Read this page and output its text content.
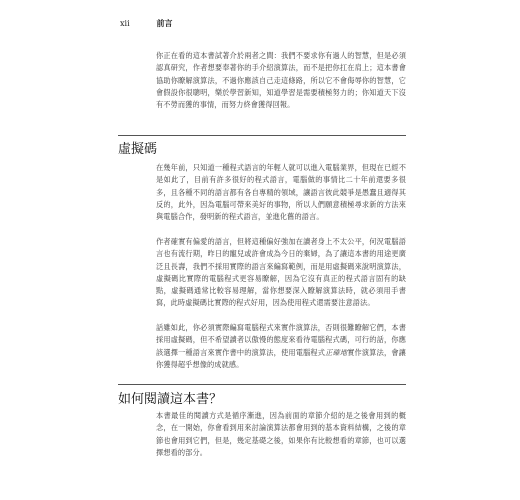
xii	前言

你正在看的這本書試著介於兩者之間：我們不要求你有過人的智慧，但是必須認真研究，作者想要奉著你的手介紹演算法，而不是把你扛在肩上；這本書會協助你瞭解演算法，不過你應該自己走這條路，所以它不會侮辱你的智慧，它會假設你很聰明，樂於學習新知，知道學習是需要積極努力的；你知道天下沒有不勞而獲的事情，而努力終會獲得回報。

虛擬碼

在幾年前，只知道一種程式語言的年輕人就可以進入電腦業界，但現在已經不是如此了，目前有許多很好的程式語言，電腦做的事情比二十年前還要多很多，且各種不同的語言都有各自專精的領域，讓語言彼此競爭是愚蠢且適得其反的，此外，因為電腦可帶來美好的事物，所以人們願意積極尋求新的方法來與電腦合作，發明新的程式語言，並進化舊的語言。

作者確實有偏愛的語言，但將這種偏好強加在讀者身上不太公平，何況電腦語言也有流行期，昨日的寵兒或許會成為今日的棄婦，為了讓這本書的用途更廣泛且長壽，我們不採用實際的語言來編寫範例，而是用虛擬碼來說明演算法，虛擬碼比實際的電腦程式更容易瞭解，因為它沒有真正的程式語言固有的缺點，虛擬碼通常比較容易理解，當你想要深入瞭解演算法時，就必須用手書寫，此時虛擬碼比實際的程式好用，因為使用程式還需要注意語法。

話雖如此，你必須實際編寫電腦程式來實作演算法，否則很難瞭解它們，本書採用虛擬碼，但不希望讀者以傲慢的態度來看待電腦程式碼，可行的話，你應該選擇一種語言來實作書中的演算法，使用電腦程式正確地實作演算法，會讓你獲得超乎想像的成就感。

如何閱讀這本書？

本書最佳的閱讀方式是循序漸進，因為前面的章節介紹的是之後會用到的概念，在一開始，你會看到用來討論演算法都會用到的基本資料結構，之後的章節也會用到它們，但是，幾定基礎之後，如果你有比較想看的章節，也可以選擇想看的部分。
